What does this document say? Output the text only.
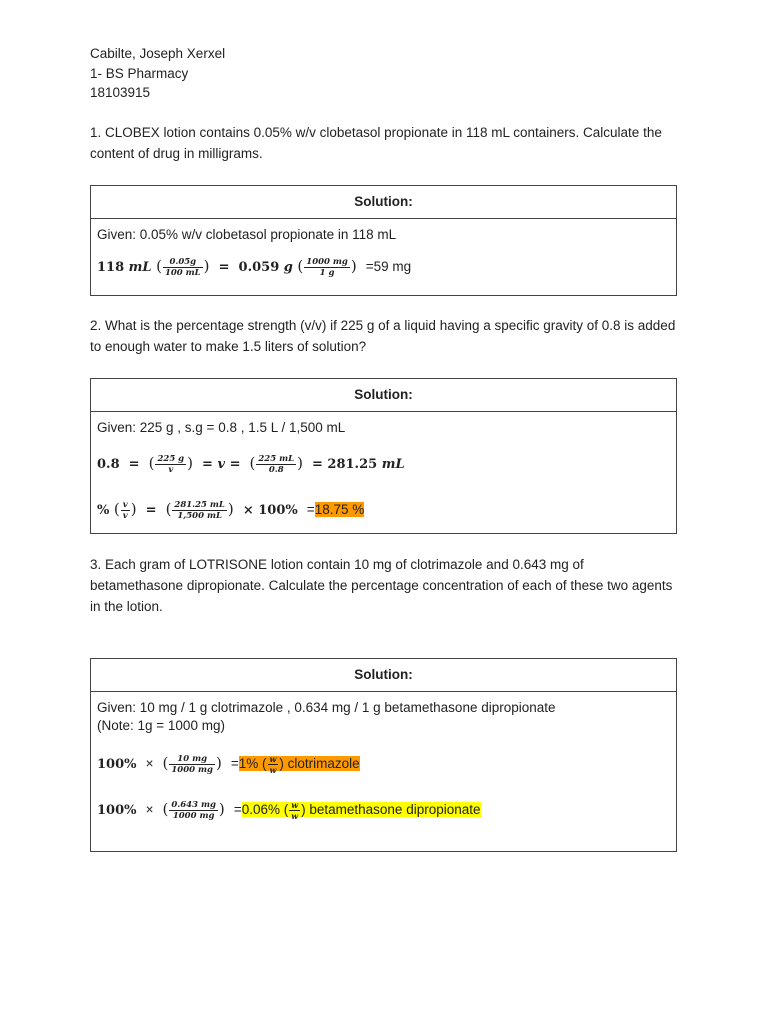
Cabilte, Joseph Xerxel
1- BS Pharmacy
18103915
1. CLOBEX lotion contains 0.05% w/v clobetasol propionate in 118 mL containers. Calculate the content of drug in milligrams.
Solution:
Given: 0.05% w/v clobetasol propionate in 118 mL
118 mL ( $\frac{0.05g}{100 mL}$ ) = 0.059 g ( $\frac{1000 mg}{1 g}$ ) =59 mg
2. What is the percentage strength (v/v) if 225 g of a liquid having a specific gravity of 0.8 is added to enough water to make 1.5 liters of solution?
Solution:
Given: 225 g , s.g = 0.8 , 1.5 L / 1,500 mL
0.8  =  ( $\frac{225 g}{v}$ )  = v =  ( $\frac{225 mL}{0.8}$ )  = 281.25 mL
% ( $\frac{v}{v}$ )  =  ( $\frac{281.25 mL}{1,500 mL}$ ) × 100% =18.75 %
3. Each gram of LOTRISONE lotion contain 10 mg of clotrimazole and 0.643 mg of betamethasone dipropionate. Calculate the percentage concentration of each of these two agents in the lotion.
Solution:
Given: 10 mg / 1 g clotrimazole , 0.634 mg / 1 g betamethasone dipropionate
(Note: 1g = 1000 mg)
100% × ( $\frac{10 mg}{1000 mg}$ ) =1% ( $\frac{w}{w}$ ) clotrimazole
100% × ( $\frac{0.643 mg}{1000 mg}$ ) =0.06% ( $\frac{w}{w}$ ) betamethasone dipropionate
